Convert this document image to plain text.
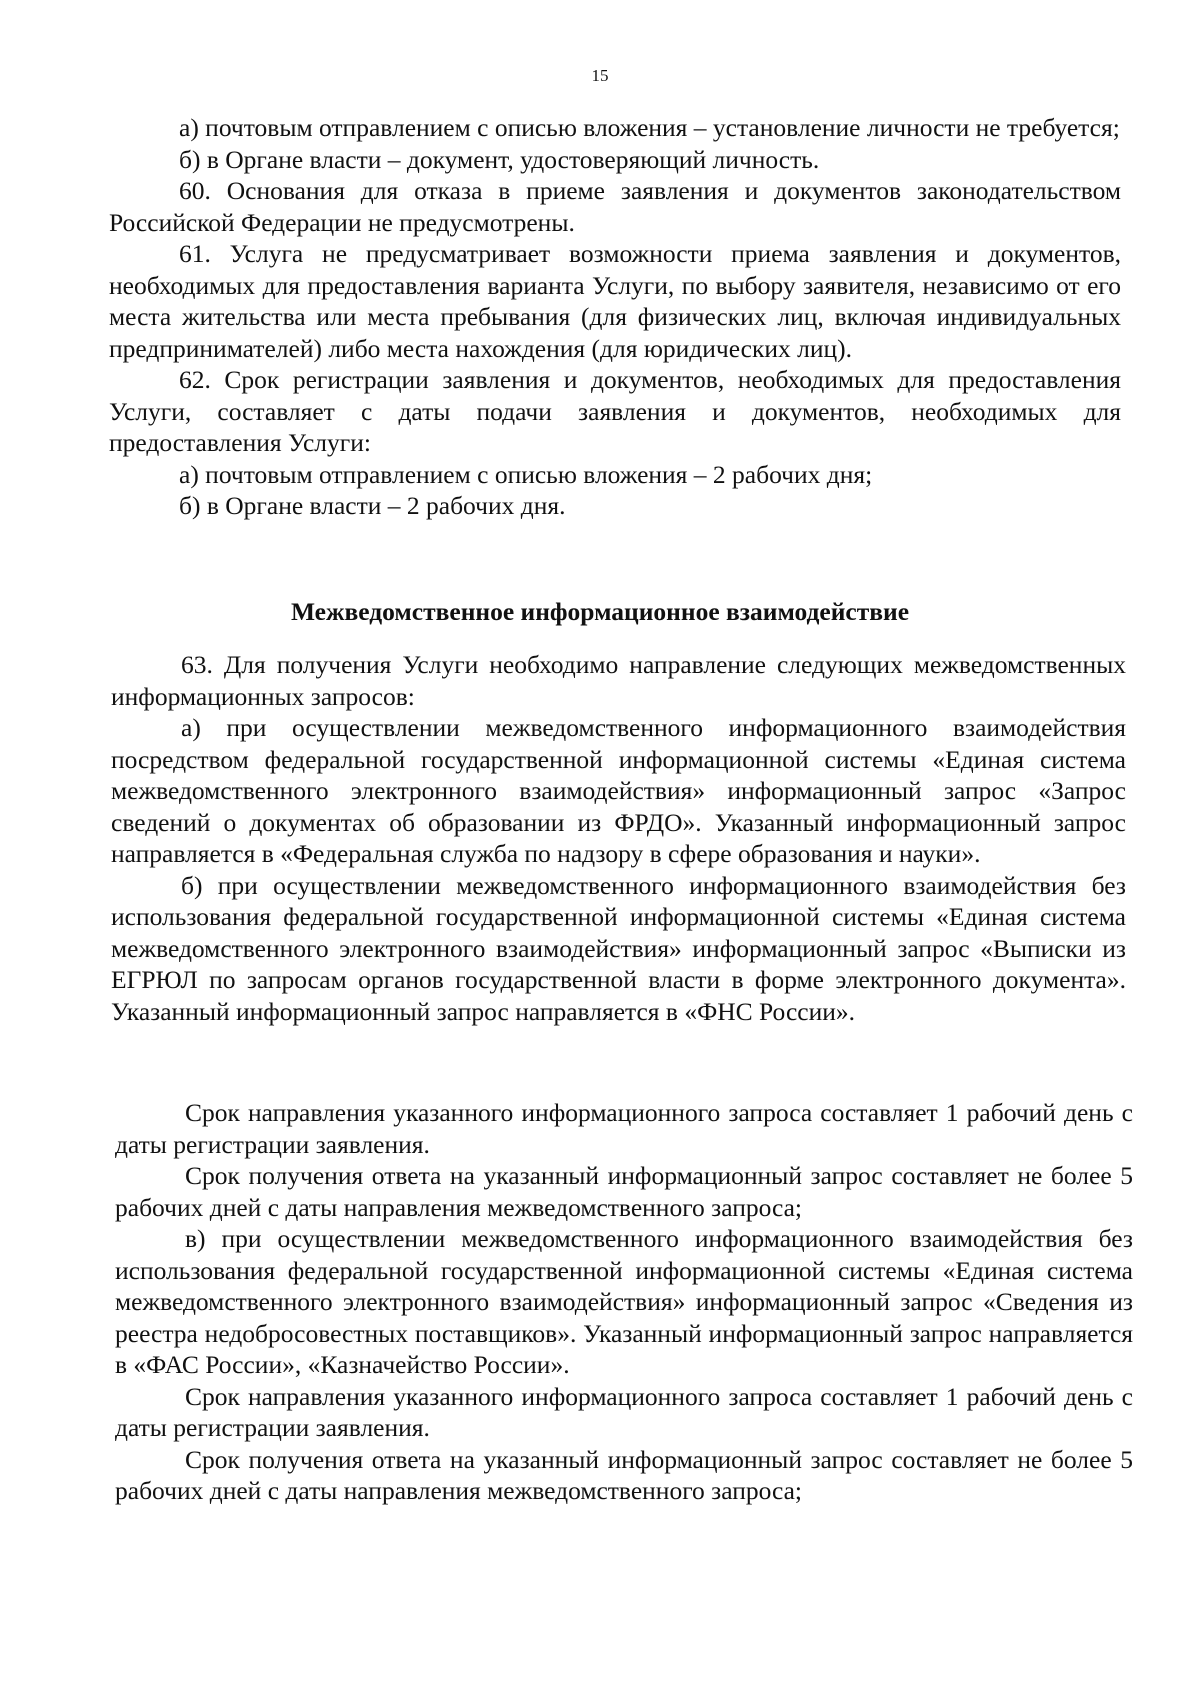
15

а) почтовым отправлением с описью вложения – установление личности не требуется;

б) в Органе власти – документ, удостоверяющий личность.

60. Основания для отказа в приеме заявления и документов законодательством Российской Федерации не предусмотрены.

61. Услуга не предусматривает возможности приема заявления и документов, необходимых для предоставления варианта Услуги, по выбору заявителя, независимо от его места жительства или места пребывания (для физических лиц, включая индивидуальных предпринимателей) либо места нахождения (для юридических лиц).

62. Срок регистрации заявления и документов, необходимых для предоставления Услуги, составляет с даты подачи заявления и документов, необходимых для предоставления Услуги:

а) почтовым отправлением с описью вложения – 2 рабочих дня;

б) в Органе власти – 2 рабочих дня.

Межведомственное информационное взаимодействие

63. Для получения Услуги необходимо направление следующих межведомственных информационных запросов:

а) при осуществлении межведомственного информационного взаимодействия посредством федеральной государственной информационной системы «Единая система межведомственного электронного взаимодействия» информационный запрос «Запрос сведений о документах об образовании из ФРДО». Указанный информационный запрос направляется в «Федеральная служба по надзору в сфере образования и науки».

б) при осуществлении межведомственного информационного взаимодействия без использования федеральной государственной информационной системы «Единая система межведомственного электронного взаимодействия» информационный запрос «Выписки из ЕГРЮЛ по запросам органов государственной власти в форме электронного документа». Указанный информационный запрос направляется в «ФНС России».

Срок направления указанного информационного запроса составляет 1 рабочий день с даты регистрации заявления.

Срок получения ответа на указанный информационный запрос составляет не более 5 рабочих дней с даты направления межведомственного запроса;

в) при осуществлении межведомственного информационного взаимодействия без использования федеральной государственной информационной системы «Единая система межведомственного электронного взаимодействия» информационный запрос «Сведения из реестра недобросовестных поставщиков». Указанный информационный запрос направляется в «ФАС России», «Казначейство России».

Срок направления указанного информационного запроса составляет 1 рабочий день с даты регистрации заявления.

Срок получения ответа на указанный информационный запрос составляет не более 5 рабочих дней с даты направления межведомственного запроса;
